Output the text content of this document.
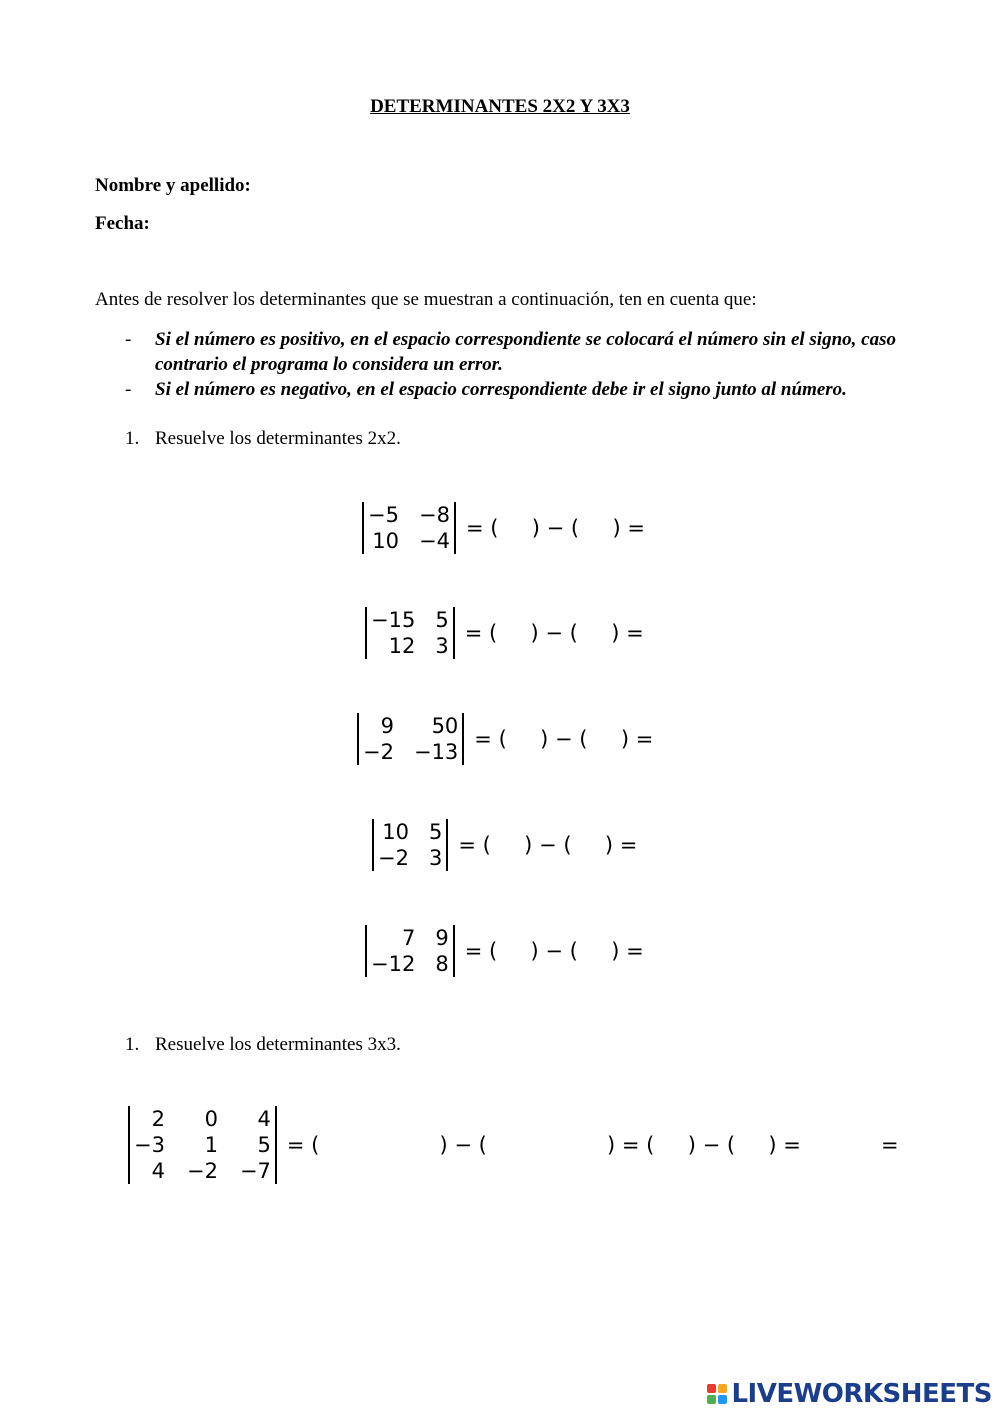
DETERMINANTES 2X2 Y 3X3
Nombre y apellido:
Fecha:
Antes de resolver los determinantes que se muestran a continuación, ten en cuenta que:
- Si el número es positivo, en el espacio correspondiente se colocará el número sin el signo, caso contrario el programa lo considera un error.
- Si el número es negativo, en el espacio correspondiente debe ir el signo junto al número.
1. Resuelve los determinantes 2x2.
−5 −8
10 −4
= (     ) − (     ) =
−15 5
12 3
= (     ) − (     ) =
9	50
−2 −13
= (     ) − (     ) =
10 5
−2 3
= (     ) − (     ) =
7 9
−12 8
= (     ) − (     ) =
1. Resuelve los determinantes 3x3.
2	0	4
−3	1	5
4 −2 −7
= (                  ) − (                  ) = (     ) − (     ) =            =
LIVEWORKSHEETS
